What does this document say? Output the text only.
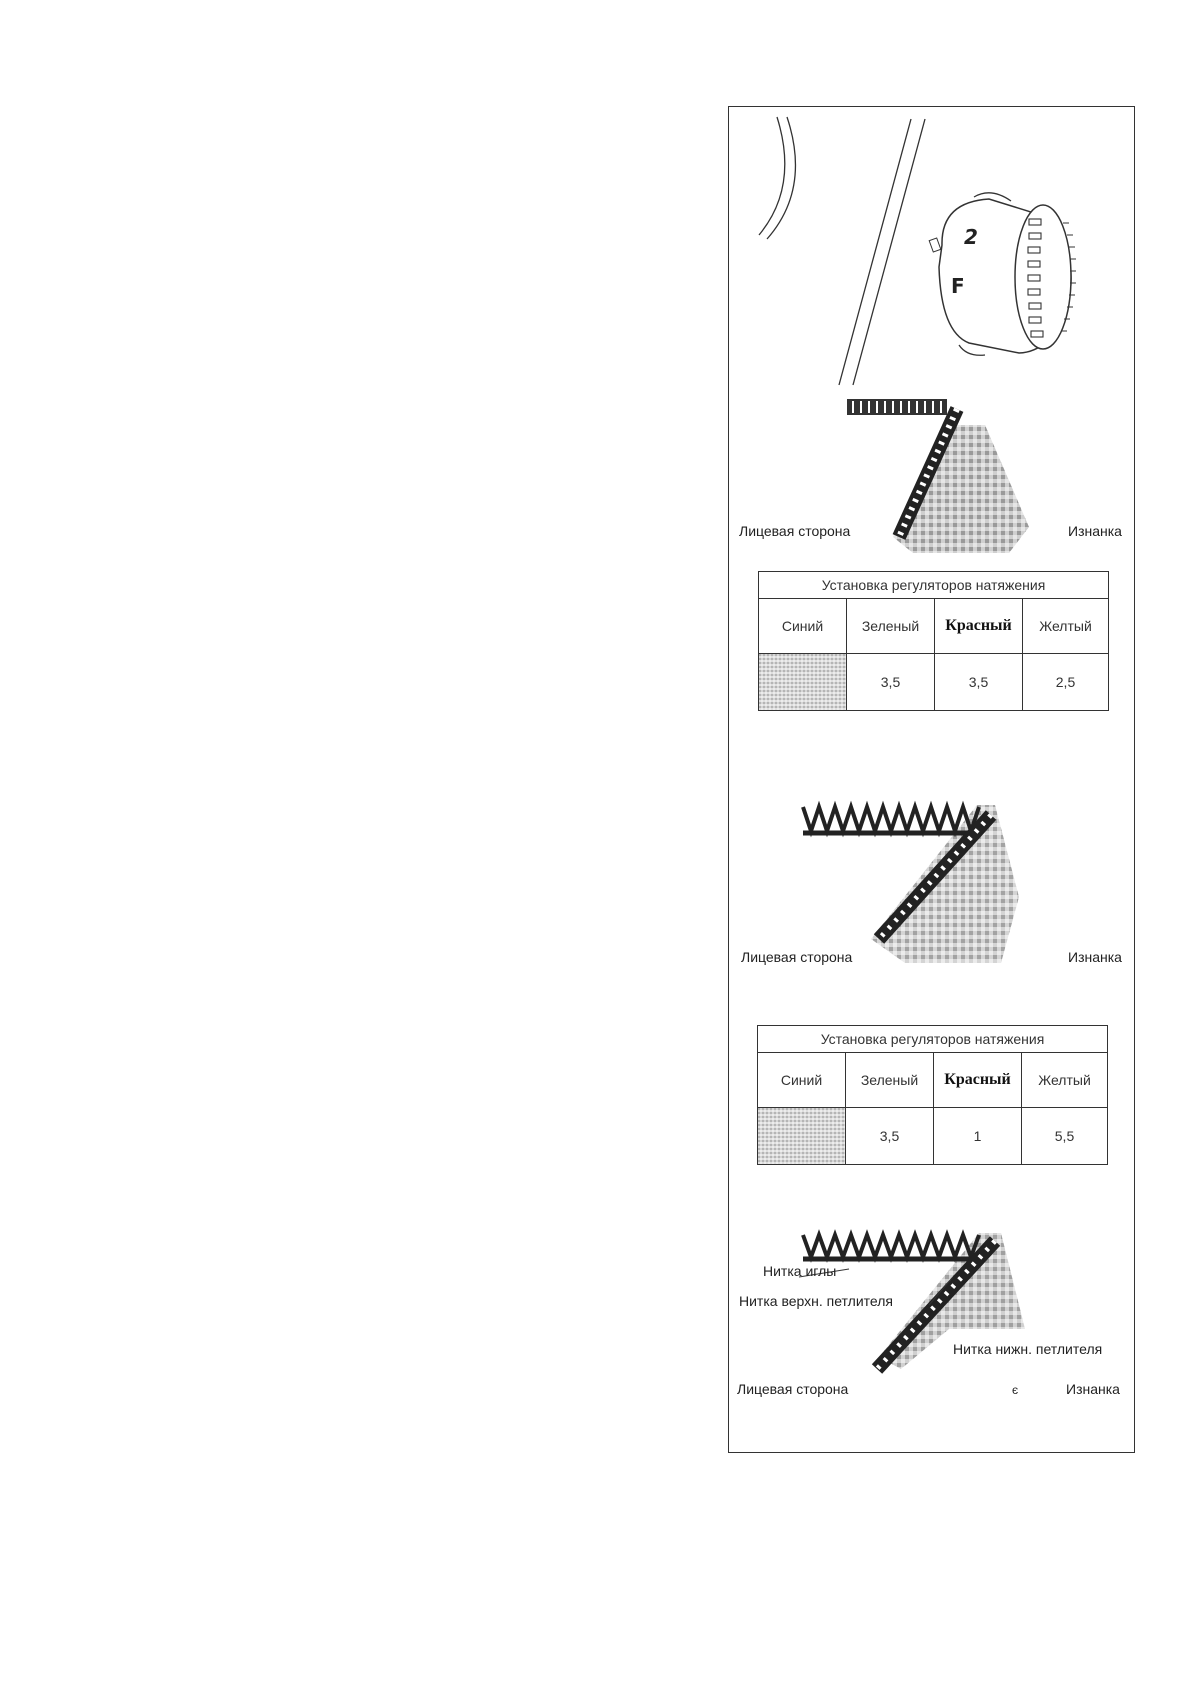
2
F
Лицевая сторона	Изнанка
Установка регуляторов натяжения			
Синий	Зеленый	Красный	Желтый

	3,5	3,5	2,5
Лицевая сторона	Изнанка
Установка регуляторов натяжения			
Синий	Зеленый	Красный	Желтый

	3,5	1	5,5
Нитка иглы
Нитка верхн. петлителя
Нитка нижн. петлителя
Лицевая сторона	є	Изнанка
